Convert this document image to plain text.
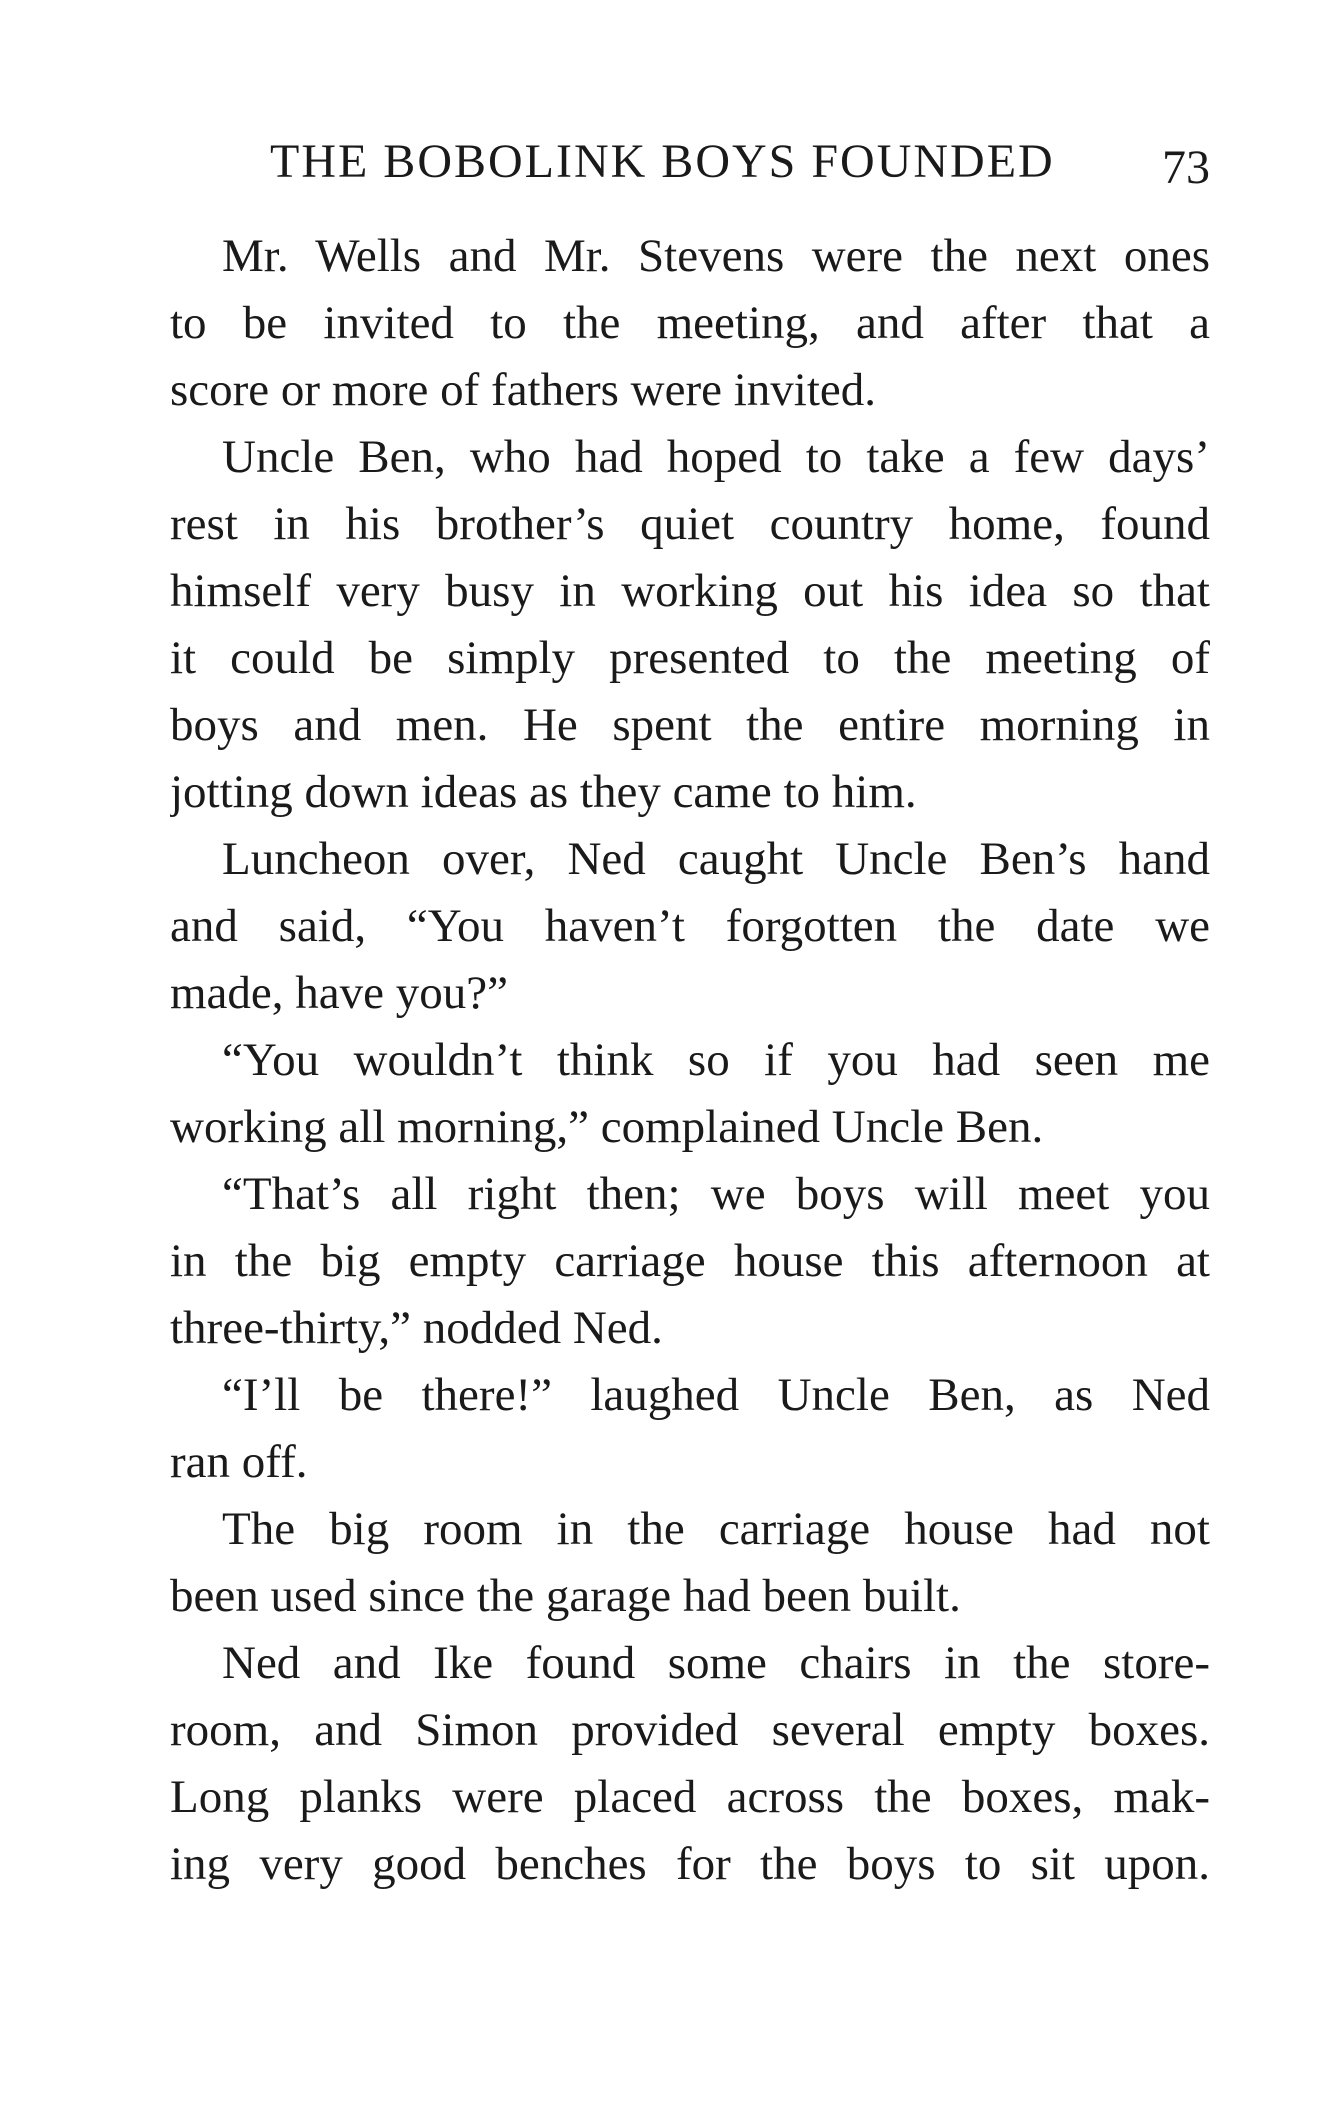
THE BOBOLINK BOYS FOUNDED 73
Mr. Wells and Mr. Stevens were the next ones
to be invited to the meeting, and after that a
score or more of fathers were invited.
Uncle Ben, who had hoped to take a few days’
rest in his brother’s quiet country home, found
himself very busy in working out his idea so that
it could be simply presented to the meeting of
boys and men. He spent the entire morning in
jotting down ideas as they came to him.
Luncheon over, Ned caught Uncle Ben’s hand
and said, “You haven’t forgotten the date we
made, have you?”
“You wouldn’t think so if you had seen me
working all morning,” complained Uncle Ben.
“That’s all right then; we boys will meet you
in the big empty carriage house this afternoon at
three-thirty,” nodded Ned.
“I’ll be there!” laughed Uncle Ben, as Ned
ran off.
The big room in the carriage house had not
been used since the garage had been built.
Ned and Ike found some chairs in the store-
room, and Simon provided several empty boxes.
Long planks were placed across the boxes, mak-
ing very good benches for the boys to sit upon.
